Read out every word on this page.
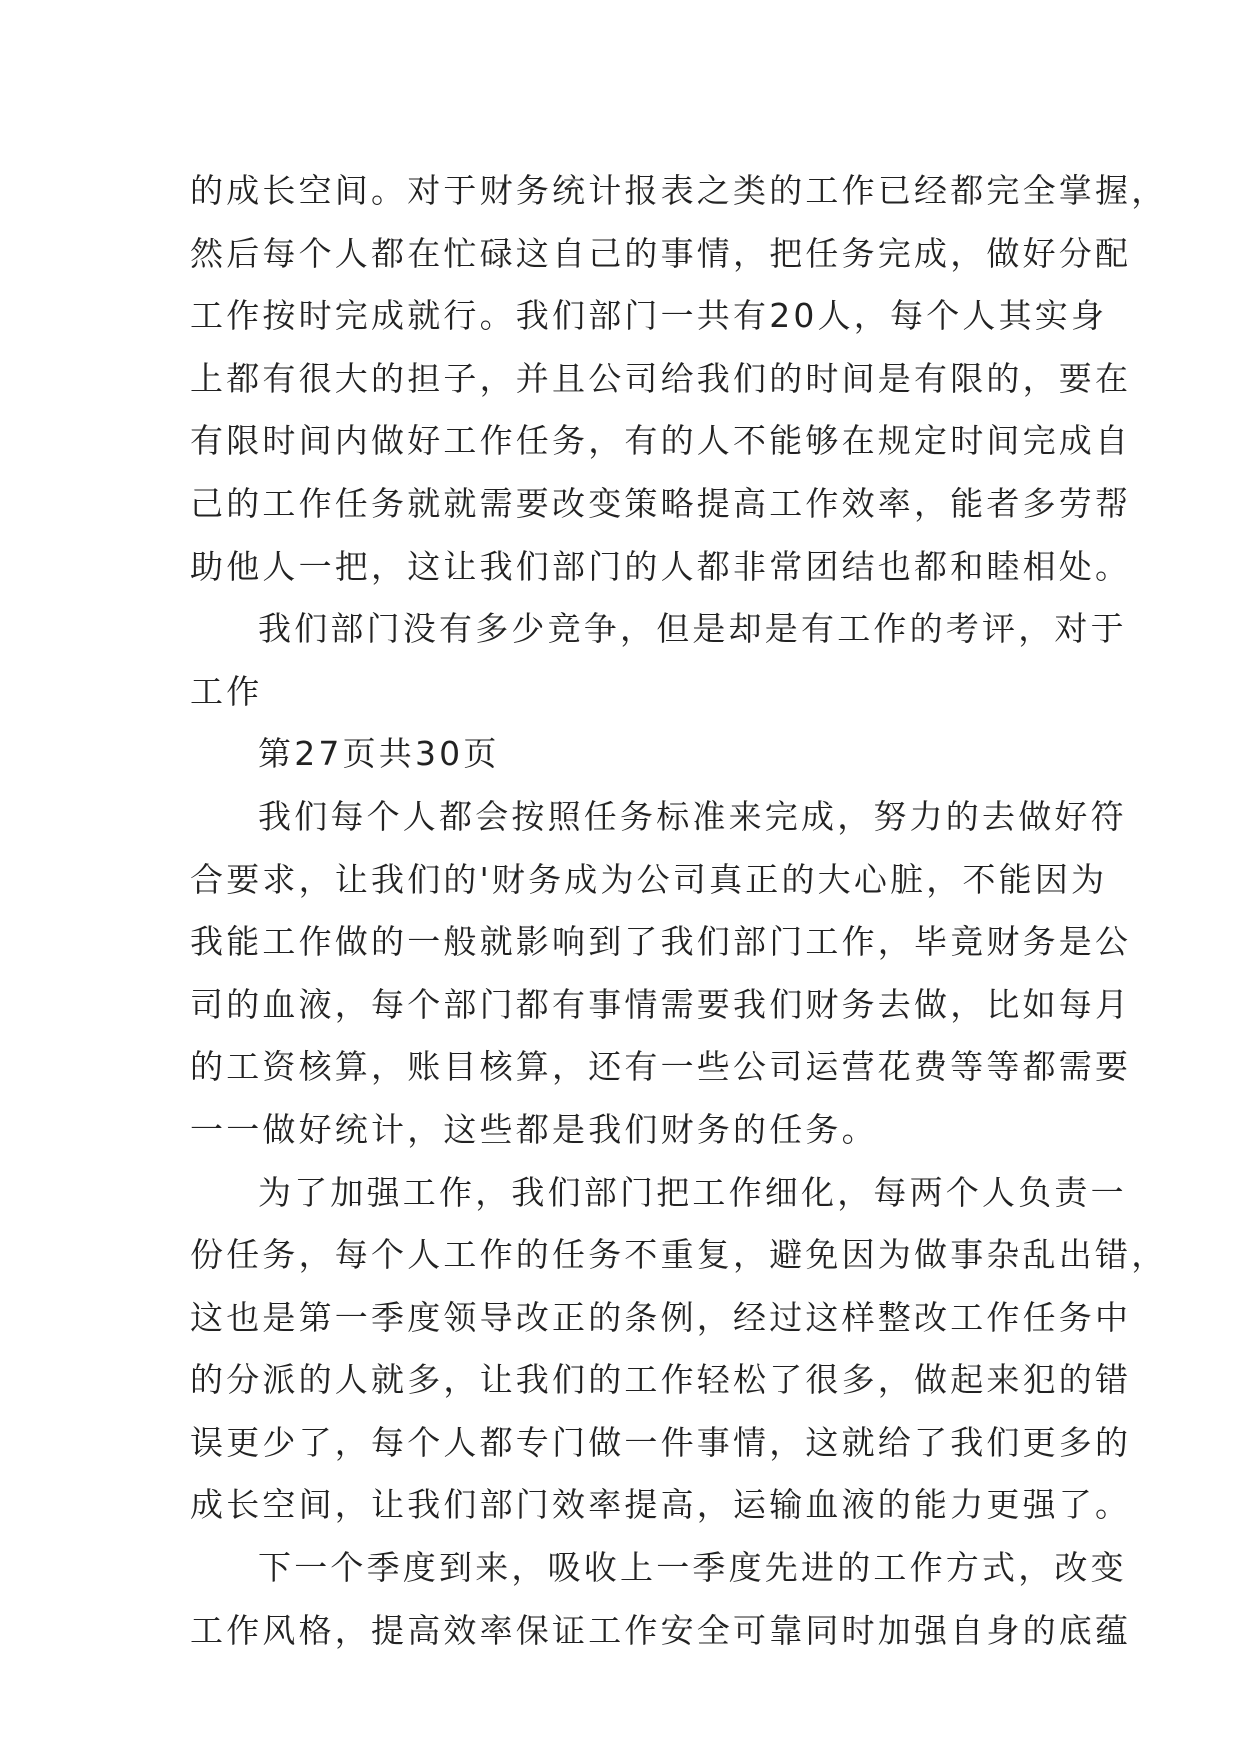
的成长空间。对于财务统计报表之类的工作已经都完全掌握，
然后每个人都在忙碌这自己的事情，把任务完成，做好分配
工作按时完成就行。我们部门一共有20人，每个人其实身
上都有很大的担子，并且公司给我们的时间是有限的，要在
有限时间内做好工作任务，有的人不能够在规定时间完成自
己的工作任务就就需要改变策略提高工作效率，能者多劳帮
助他人一把，这让我们部门的人都非常团结也都和睦相处。
我们部门没有多少竞争，但是却是有工作的考评，对于
工作
第27页共30页
我们每个人都会按照任务标准来完成，努力的去做好符
合要求，让我们的'财务成为公司真正的大心脏，不能因为
我能工作做的一般就影响到了我们部门工作，毕竟财务是公
司的血液，每个部门都有事情需要我们财务去做，比如每月
的工资核算，账目核算，还有一些公司运营花费等等都需要
一一做好统计，这些都是我们财务的任务。
为了加强工作，我们部门把工作细化，每两个人负责一
份任务，每个人工作的任务不重复，避免因为做事杂乱出错，
这也是第一季度领导改正的条例，经过这样整改工作任务中
的分派的人就多，让我们的工作轻松了很多，做起来犯的错
误更少了，每个人都专门做一件事情，这就给了我们更多的
成长空间，让我们部门效率提高，运输血液的能力更强了。
下一个季度到来，吸收上一季度先进的工作方式，改变
工作风格，提高效率保证工作安全可靠同时加强自身的底蕴
